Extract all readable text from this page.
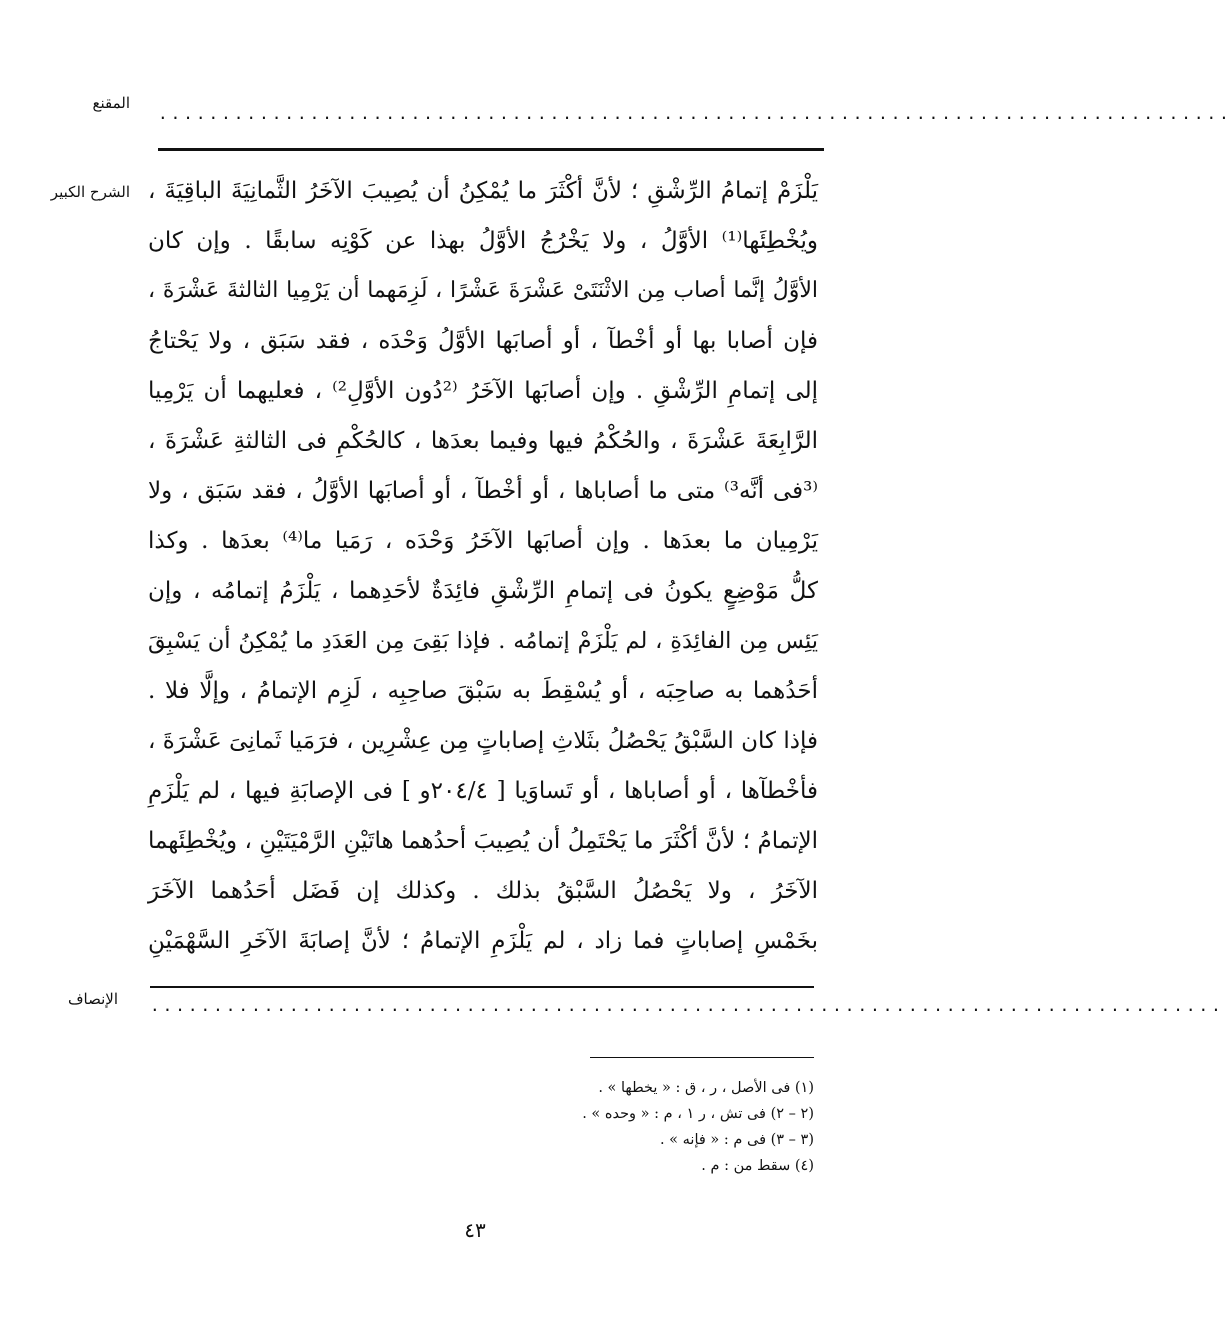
المقنع
.....................................................................................
الشرح الكبير يَلْزَمْ إتمامُ الرِّشْقِ ؛ لأنَّ أكْثَرَ ما يُمْكِنُ أن يُصِيبَ الآخَرُ الثَّمانِيَةَ الباقِيَةَ ،
ويُخْطِئَها⁽¹⁾ الأوَّلُ ، ولا يَخْرُجُ الأوَّلُ بهذا عن كَوْنِه سابقًا . وإن كان
الأوَّلُ إنَّما أصاب مِن الاثْنَتَىْ عَشْرَةَ عَشْرًا ، لَزِمَهما أن يَرْمِيا الثالثةَ عَشْرَةَ ،
فإن أصابا بها أو أخْطآ ، أو أصابَها الأوَّلُ وَحْدَه ، فقد سَبَق ، ولا يَحْتاجُ
إلى إتمامِ الرِّشْقِ . وإن أصابَها الآخَرُ ⁽²دُون الأوَّلِ²⁾ ، فعليهما أن يَرْمِيا
الرَّابِعَةَ عَشْرَةَ ، والحُكْمُ فيها وفيما بعدَها ، كالحُكْمِ فى الثالثةِ عَشْرَةَ ،
⁽³فى أنَّه³⁾ متى ما أصاباها ، أو أخْطآ ، أو أصابَها الأوَّلُ ، فقد سَبَق ، ولا
يَرْمِيان ما بعدَها . وإن أصابَها الآخَرُ وَحْدَه ، رَمَيا ما⁽⁴⁾ بعدَها . وكذا
كلُّ مَوْضِعٍ يكونُ فى إتمامِ الرِّشْقِ فائِدَةٌ لأحَدِهما ، يَلْزَمُ إتمامُه ، وإن
يَئِس مِن الفائِدَةِ ، لم يَلْزَمْ إتمامُه . فإذا بَقِىَ مِن العَدَدِ ما يُمْكِنُ أن يَسْبِقَ
أحَدُهما به صاحِبَه ، أو يُسْقِطَ به سَبْقَ صاحِبِه ، لَزِم الإتمامُ ، وإلَّا فلا .
فإذا كان السَّبْقُ يَحْصُلُ بثَلاثِ إصاباتٍ مِن عِشْرِين ، فرَمَيا ثَمانِىَ عَشْرَةَ ،
فأخْطآها ، أو أصاباها ، أو تَساوَيا [ ٢٠٤/٤و ] فى الإصابَةِ فيها ، لم يَلْزَمِ
الإتمامُ ؛ لأنَّ أكْثَرَ ما يَحْتَمِلُ أن يُصِيبَ أحدُهما هاتَيْنِ الرَّمْيَتَيْنِ ، ويُخْطِئَهما
الآخَرُ ، ولا يَحْصُلُ السَّبْقُ بذلك . وكذلك إن فَضَل أحَدُهما الآخَرَ
بخَمْسِ إصاباتٍ فما زاد ، لم يَلْزَمِ الإتمامُ ؛ لأنَّ إصابَةَ الآخَرِ السَّهْمَيْنِ
الإنصاف .....................................................................................
(١) فى الأصل ، ر ، ق : « يخطها » .
(٢ – ٢) فى تش ، ر ١ ، م : « وحده » .
(٣ – ٣) فى م : « فإنه » .
(٤) سقط من : م .
٤٣
